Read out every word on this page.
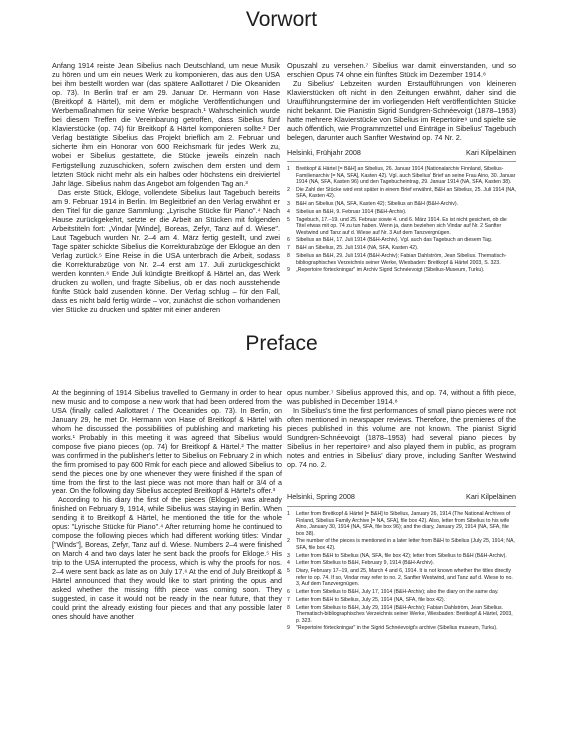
Vorwort

Anfang 1914 reiste Jean Sibelius nach Deutschland, um neue Musik zu hören und um ein neues Werk zu komponieren, das aus den USA bei ihm bestellt worden war (das spätere Aallottaret / Die Okeaniden op. 73). In Berlin traf er am 29. Januar Dr. Hermann von Hase (Breitkopf & Härtel), mit dem er mögliche Veröffentlichungen und Werbemaßnahmen für seine Werke besprach.¹ Wahrscheinlich wurde bei diesem Treffen die Vereinbarung getroffen, dass Sibelius fünf Klavierstücke (op. 74) für Breitkopf & Härtel komponieren sollte.² Der Verlag bestätigte Sibelius das Projekt brieflich am 2. Februar und sicherte ihm ein Honorar von 600 Reichsmark für jedes Werk zu, wobei er Sibelius gestattete, die Stücke jeweils einzeln nach Fertigstellung zuzuschicken, sofern zwischen dem ersten und dem letzten Stück nicht mehr als ein halbes oder höchstens ein dreiviertel Jahr läge. Sibelius nahm das Angebot am folgenden Tag an.³

Das erste Stück, Ekloge, vollendete Sibelius laut Tagebuch bereits am 9. Februar 1914 in Berlin. Im Begleitbrief an den Verlag erwähnt er den Titel für die ganze Sammlung: „Lyrische Stücke für Piano".⁴ Nach Hause zurückgekehrt, setzte er die Arbeit an Stücken mit folgenden Arbeitstiteln fort: „Vindar [Winde], Boreas, Zefyr, Tanz auf d. Wiese". Laut Tagebuch wurden Nr. 2–4 am 4. März fertig gestellt, und zwei Tage später schickte Sibelius die Korrekturabzüge der Eklogue an den Verlag zurück.⁵ Eine Reise in die USA unterbrach die Arbeit, sodass die Korrekturabzüge von Nr. 2–4 erst am 17. Juli zurückgeschickt werden konnten.⁶ Ende Juli kündigte Breitkopf & Härtel an, das Werk drucken zu wollen, und fragte Sibelius, ob er das noch ausstehende fünfte Stück bald zusenden könne. Der Verlag schlug – für den Fall, dass es nicht bald fertig würde – vor, zunächst die schon vorhandenen vier Stücke zu drucken und später mit einer anderen

Opuszahl zu versehen.⁷ Sibelius war damit einverstanden, und so erschien Opus 74 ohne ein fünftes Stück im Dezember 1914.⁸

Zu Sibelius' Lebzeiten wurden Erstaufführungen von kleineren Klavierstücken oft nicht in den Zeitungen erwähnt, daher sind die Uraufführungstermine der im vorliegenden Heft veröffentlichten Stücke nicht bekannt. Die Pianistin Sigrid Sundgren-Schnéevoigt (1878–1953) hatte mehrere Klavierstücke von Sibelius im Repertoire⁹ und spielte sie auch öffentlich, wie Programmzettel und Einträge in Sibelius' Tagebuch belegen, darunter auch Sanfter Westwind op. 74 Nr. 2.

Helsinki, Frühjahr 2008	Kari Kilpeläinen
1	Breitkopf & Härtel [= B&H] an Sibelius, 26. Januar 1914 (Nationalarchiv Finnland, Sibelius-Familienarchiv [= NA, SFA], Kasten 42). Vgl. auch Sibelius' Brief an seine Frau Aino, 30. Januar 1914 (NA, SFA, Kasten 96) und den Tagebucheintrag, 29. Januar 1914 (NA, SFA, Kasten 38).
2	Die Zahl der Stücke wird erst später in einem Brief erwähnt, B&H an Sibelius, 25. Juli 1914 (NA, SFA, Kasten 42).
3	B&H an Sibelius (NA, SFA, Kasten 42); Sibelius an B&H (B&H-Archiv).
4	Sibelius an B&H, 9. Februar 1914 (B&H-Archiv).
5	Tagebuch, 17.–19. und 25. Februar sowie 4. und 6. März 1914. Es ist nicht gesichert, ob die Titel etwas mit op. 74 zu tun haben. Wenn ja, dann beziehen sich Vindar auf Nr. 2 Sanfter Westwind und Tanz auf d. Wiese auf Nr. 3 Auf dem Tanzvergnügen.
6	Sibelius an B&H, 17. Juli 1914 (B&H-Archiv). Vgl. auch das Tagebuch an diesem Tag.
7	B&H an Sibelius, 25. Juli 1914 (NA, SFA, Kasten 42).
8	Sibelius an B&H, 29. Juli 1914 (B&H-Archiv); Fabian Dahlström, Jean Sibelius. Thematisch-bibliographisches Verzeichnis seiner Werke, Wiesbaden: Breitkopf & Härtel 2003, S. 323.
9	„Repertoire förteckningar" im Archiv Sigrid Schnéevoigt (Sibelius-Museum, Turku).
Preface

At the beginning of 1914 Sibelius travelled to Germany in order to hear new music and to compose a new work that had been ordered from the USA (finally called Aallottaret / The Oceanides op. 73). In Berlin, on January 29, he met Dr. Hermann von Hase of Breitkopf & Härtel with whom he discussed the possibilities of publishing and marketing his works.¹ Probably in this meeting it was agreed that Sibelius would compose five piano pieces (op. 74) for Breitkopf & Härtel.² The matter was confirmed in the publisher's letter to Sibelius on February 2 in which the firm promised to pay 600 Rmk for each piece and allowed Sibelius to send the pieces one by one whenever they were finished if the span of time from the first to the last piece was not more than half or 3/4 of a year. On the following day Sibelius accepted Breitkopf & Härtel's offer.³

According to his diary the first of the pieces (Eklogue) was already finished on February 9, 1914, while Sibelius was staying in Berlin. When sending it to Breitkopf & Härtel, he mentioned the title for the whole opus: "Lyrische Stücke für Piano".⁴ After returning home he continued to compose the following pieces which had different working titles: Vindar ["Winds"], Boreas, Zefyr, Tanz auf d. Wiese. Numbers 2–4 were finished on March 4 and two days later he sent back the proofs for Ekloge.⁵ His trip to the USA interrupted the process, which is why the proofs for nos. 2–4 were sent back as late as on July 17.⁶ At the end of July Breitkopf & Härtel announced that they would like to start printing the opus and asked whether the missing fifth piece was coming soon. They suggested, in case it would not be ready in the near future, that they could print the already existing four pieces and that any possible later ones should have another

opus number.⁷ Sibelius approved this, and op. 74, without a fifth piece, was published in December 1914.⁸

In Sibelius's time the first performances of small piano pieces were not often mentioned in newspaper reviews. Therefore, the premieres of the pieces published in this volume are not known. The pianist Sigrid Sundgren-Schnéevoigt (1878–1953) had several piano pieces by Sibelius in her repertoire⁹ and also played them in public, as program notes and entries in Sibelius' diary prove, including Sanfter Westwind op. 74 no. 2.

Helsinki, Spring 2008	Kari Kilpeläinen
1	Letter from Breitkopf & Härtel [= B&H] to Sibelius, January 26, 1914 (The National Archives of Finland, Sibelius Family Archive [= NA, SFA], file box 42). Also, letter from Sibelius to his wife Aino, January 30, 1914 (NA, SFA, file box 96); and the diary, January 29, 1914 (NA, SFA, file box 38).
2	The number of the pieces is mentioned in a later letter from B&H to Sibelius (July 25, 1914; NA, SFA, file box 42).
3	Letter from B&H to Sibelius (NA, SFA, file box 42); letter from Sibelius to B&H (B&H-Archiv).
4	Letter from Sibelius to B&H, February 9, 1914 (B&H-Archiv).
5	Diary, February 17–19, and 25, March 4 and 6, 1914. It is not known whether the titles directly refer to op. 74. If so, Vindar may refer to no. 2, Sanfter Westwind, and Tanz auf d. Wiese to no. 3, Auf dem Tanzvergnügen.
6	Letter from Sibelius to B&H, July 17, 1914 (B&H-Archiv); also the diary on the same day.
7	Letter from B&H to Sibelius, July 25, 1914 (NA, SFA, file box 42).
8	Letter from Sibelius to B&H, July 29, 1914 (B&H-Archiv); Fabian Dahlström, Jean Sibelius. Thematisch-bibliographisches Verzeichnis seiner Werke, Wiesbaden: Breitkopf & Härtel, 2003, p. 323.
9	"Repertoire förteckningar" in the Sigrid Schnéevoigt's archive (Sibelius museum, Turku).
